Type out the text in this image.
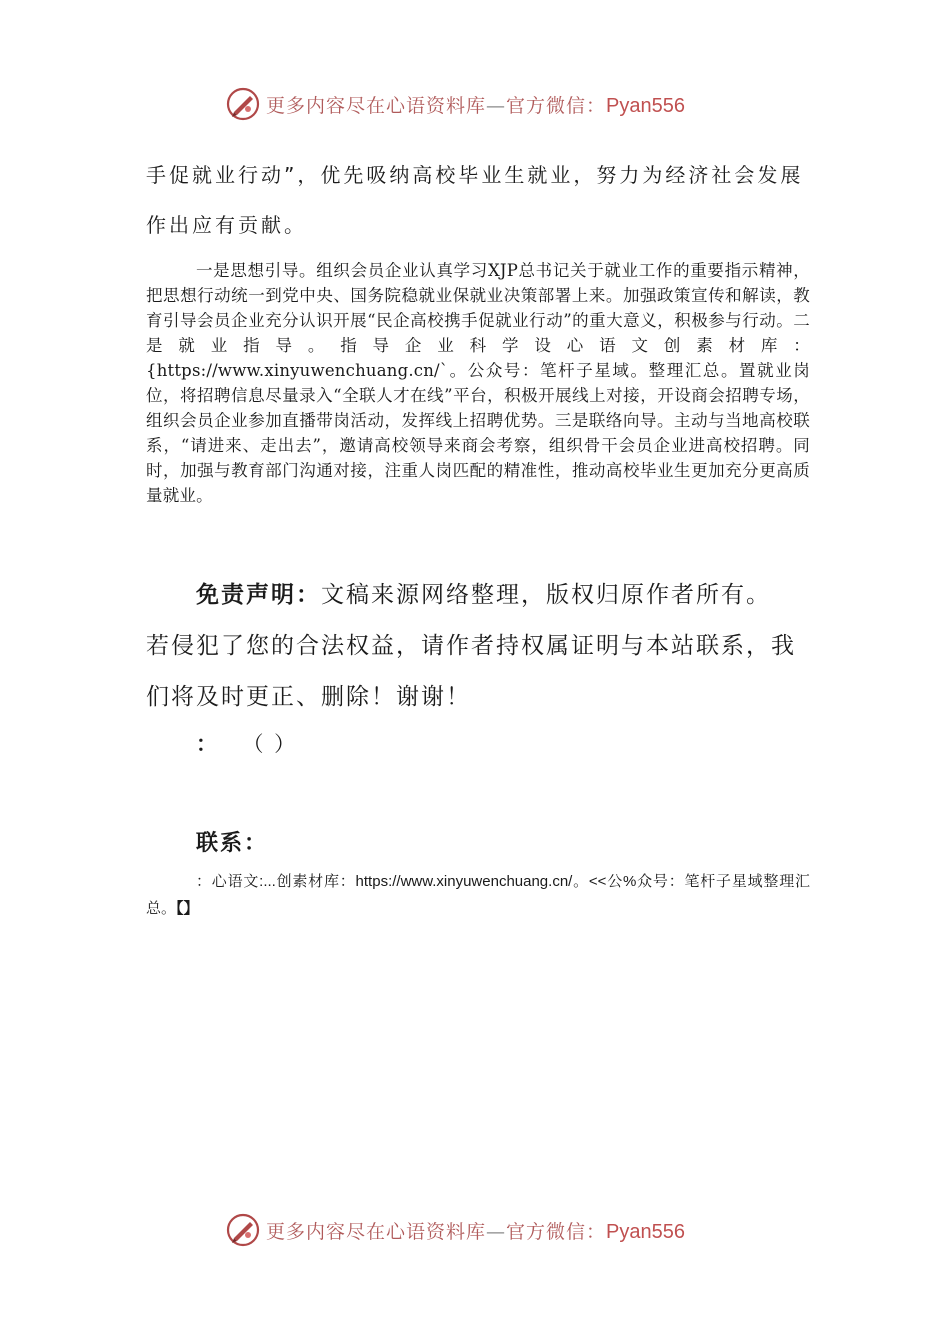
更多内容尽在心语资料库—官方微信：Pyan556
手促就业行动”，优先吸纳高校毕业生就业，努力为经济社会发展作出应有贡献。
一是思想引导。组织会员企业认真学习XJP总书记关于就业工作的重要指示精神，把思想行动统一到党中央、国务院稳就业保就业决策部署上来。加强政策宣传和解读，教育引导会员企业充分认识开展“民企高校携手促就业行动”的重大意义，积极参与行动。二是就业指导。指导企业科学设心语文创素材库：{https://www.xinyuwenchuang.cn/`。公众号：笔杆子星域。整理汇总。置就业岗位，将招聘信息尽量录入“全联人才在线”平台，积极开展线上对接，开设商会招聘专场，组织会员企业参加直播带岗活动，发挥线上招聘优势。三是联络向导。主动与当地高校联系，“请进来、走出去”，邀请高校领导来商会考察，组织骨干会员企业进高校招聘。同时，加强与教育部门沟通对接，注重人岗匹配的精准性，推动高校毕业生更加充分更高质量就业。
免责声明：文稿来源网络整理，版权归原作者所有。
若侵犯了您的合法权益，请作者持权属证明与本站联系，我们将及时更正、删除！谢谢！
： （ ）
联系：
：心语文:...创素材库：https://www.xinyuwenchuang.cn/。<<公%众号：笔杆子星域整理汇总。【】
更多内容尽在心语资料库—官方微信：Pyan556
